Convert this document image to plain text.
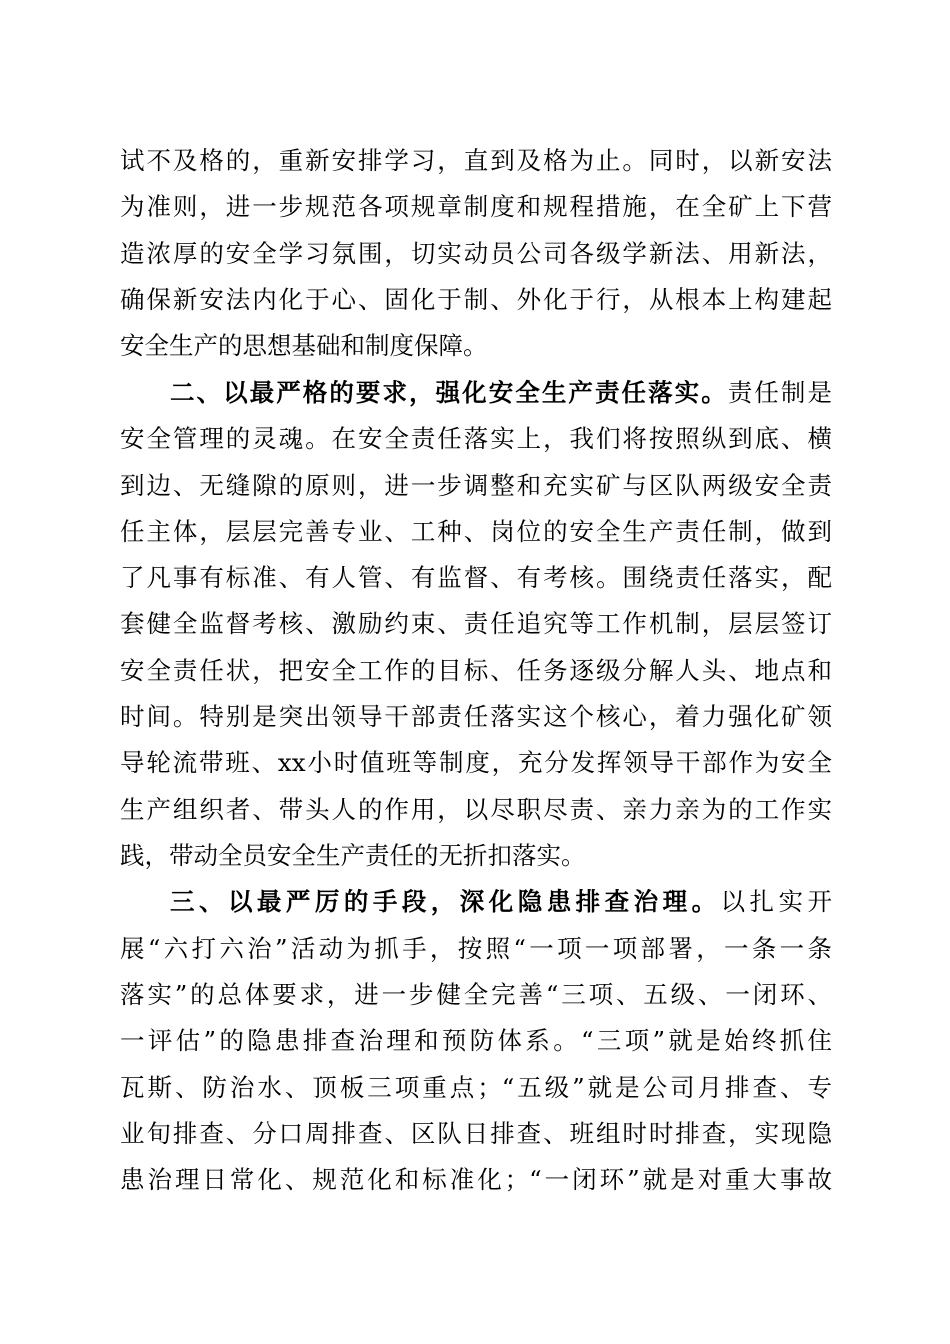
试不及格的，重新安排学习，直到及格为止。同时，以新安法
为准则，进一步规范各项规章制度和规程措施，在全矿上下营
造浓厚的安全学习氛围，切实动员公司各级学新法、用新法，
确保新安法内化于心、固化于制、外化于行，从根本上构建起
安全生产的思想基础和制度保障。
二、以最严格的要求，强化安全生产责任落实。责任制是
安全管理的灵魂。在安全责任落实上，我们将按照纵到底、横
到边、无缝隙的原则，进一步调整和充实矿与区队两级安全责
任主体，层层完善专业、工种、岗位的安全生产责任制，做到
了凡事有标准、有人管、有监督、有考核。围绕责任落实，配
套健全监督考核、激励约束、责任追究等工作机制，层层签订
安全责任状，把安全工作的目标、任务逐级分解人头、地点和
时间。特别是突出领导干部责任落实这个核心，着力强化矿领
导轮流带班、xx小时值班等制度，充分发挥领导干部作为安全
生产组织者、带头人的作用，以尽职尽责、亲力亲为的工作实
践，带动全员安全生产责任的无折扣落实。
三、以最严厉的手段，深化隐患排查治理。以扎实开
展“六打六治”活动为抓手，按照“一项一项部署，一条一条
落实”的总体要求，进一步健全完善“三项、五级、一闭环、
一评估”的隐患排查治理和预防体系。“三项”就是始终抓住
瓦斯、防治水、顶板三项重点；“五级”就是公司月排查、专
业旬排查、分口周排查、区队日排查、班组时时排查，实现隐
患治理日常化、规范化和标准化；“一闭环”就是对重大事故
